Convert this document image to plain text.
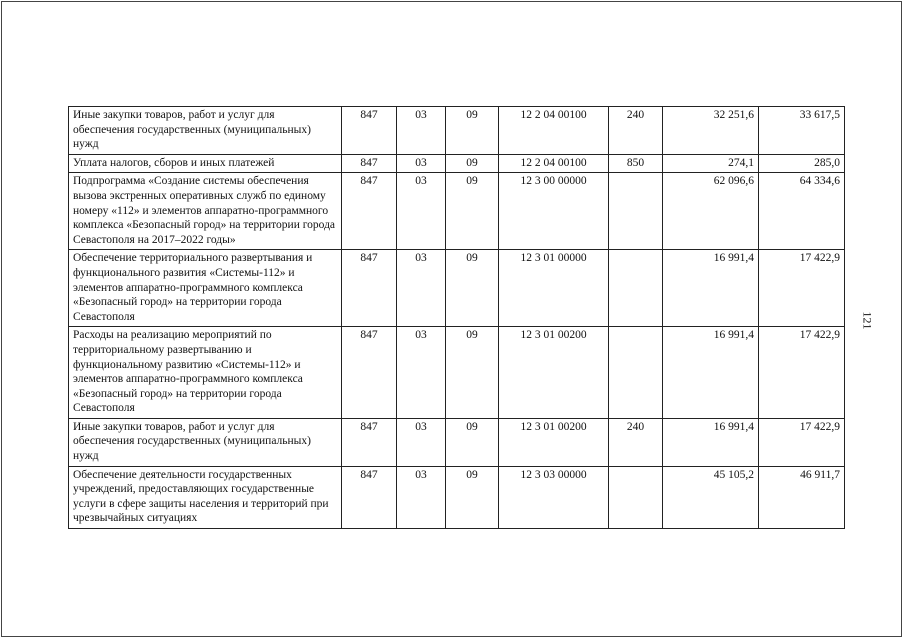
Иные закупки товаров, работ и услуг для обеспечения государственных (муниципальных) нужд	847	03	09	12 2 04 00100	240	32 251,6	33 617,5
Уплата налогов, сборов и иных платежей	847	03	09	12 2 04 00100	850	274,1	285,0
Подпрограмма «Создание системы обеспечения вызова экстренных оперативных служб по единому номеру «112» и элементов аппаратно-программного комплекса «Безопасный город» на территории города Севастополя на 2017–2022 годы»	847	03	09	12 3 00 00000		62 096,6	64 334,6
Обеспечение территориального развертывания и функционального развития «Системы-112» и элементов аппаратно-программного комплекса «Безопасный город» на территории города Севастополя	847	03	09	12 3 01 00000		16 991,4	17 422,9
Расходы на реализацию мероприятий по территориальному развертыванию и функциональному развитию «Системы-112» и элементов аппаратно-программного комплекса «Безопасный город» на территории города Севастополя	847	03	09	12 3 01 00200		16 991,4	17 422,9
Иные закупки товаров, работ и услуг для обеспечения государственных (муниципальных) нужд	847	03	09	12 3 01 00200	240	16 991,4	17 422,9
Обеспечение деятельности государственных учреждений, предоставляющих государственные услуги в сфере защиты населения и территорий при чрезвычайных ситуациях	847	03	09	12 3 03 00000		45 105,2	46 911,7
121
